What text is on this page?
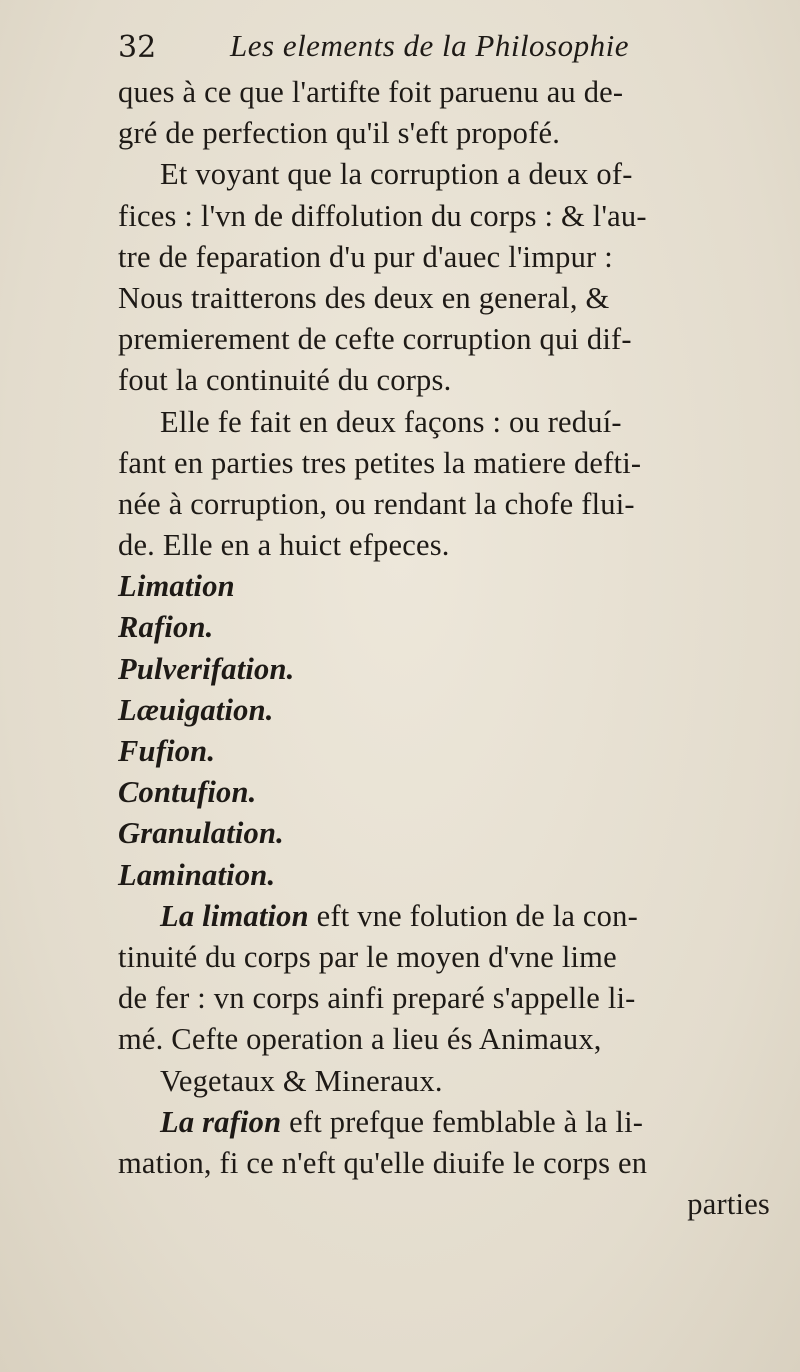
32 Les elements de la Philosophie
ques à ce que l'artifte foit paruenu au de-
gré de perfection qu'il s'eft propofé.
Et voyant que la corruption a deux of-
fices : l'vn de diffolution du corps : & l'au-
tre de feparation d'u pur d'auec l'impur :
Nous traitterons des deux en general, &
premierement de cefte corruption qui dif-
fout la continuité du corps.
Elle fe fait en deux façons : ou reduí-
fant en parties tres petites la matiere defti-
née à corruption, ou rendant la chofe flui-
de. Elle en a huict efpeces.
Limation
Rafion.
Pulverifation.
Læuigation.
Fufion.
Contufion.
Granulation.
Lamination.
La limation eft vne folution de la con-
tinuité du corps par le moyen d'vne lime
de fer : vn corps ainfi preparé s'appelle li-
mé. Cefte operation a lieu és Animaux,
Vegetaux & Mineraux.
La rafion eft prefque femblable à la li-
mation, fi ce n'eft qu'elle diuife le corps en
parties
